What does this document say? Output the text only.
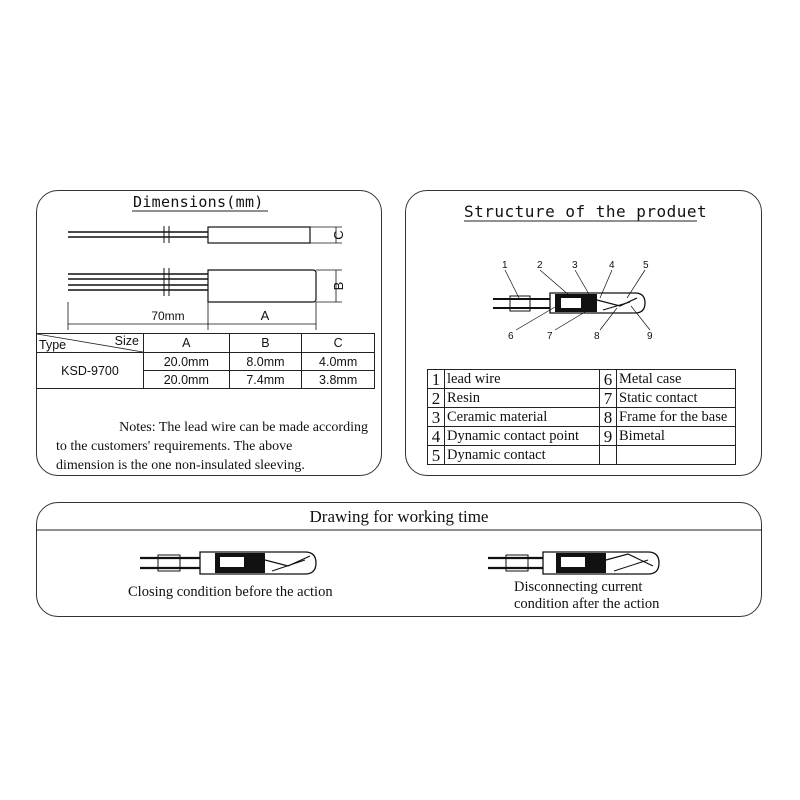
Dimensions(mm)
C
B
70mm	A
Type Size	A	B	C
KSD-9700	20.0mm	8.0mm	4.0mm
	20.0mm	7.4mm	3.8mm
Notes: The lead wire can be made according
to the customers' requirements. The above
dimension is the one non-insulated sleeving.
Structure of the produet
1	2	3	4	5
6	7	8	9
1	lead wire	6	Metal case
2	Resin	7	Static contact
3	Ceramic material	8	Frame for the base
4	Dynamic contact point	9	Bimetal
5	Dynamic contact		
Drawing for working time
Closing condition before the action	Disconnecting current
condition after the action
